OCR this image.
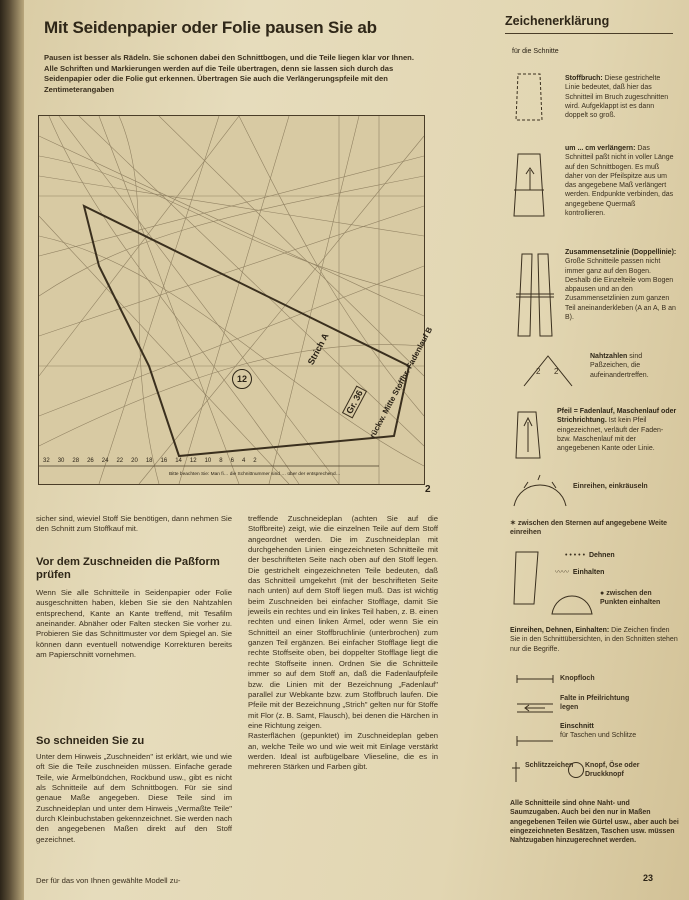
Mit Seidenpapier oder Folie pausen Sie ab
Pausen ist besser als Rädeln. Sie schonen dabei den Schnittbogen, und die Teile liegen klar vor Ihnen. Alle Schriften und Markierungen werden auf die Teile übertragen, denn sie lassen sich durch das Seidenpapier oder die Folie gut erkennen. Übertragen Sie auch die Verlängerungspfeile mit den Zentimeterangaben
Strich A
Gr. 36 rückw. Mitte Stoffbr. Fadenlauf B
12
32 30 28 26 24 22 20 18 16 14 12 10 8 6 4 2
Bitte beachten Sie: Man fi… die Schnittnummer sind … über der entsprechend…
2

sicher sind, wieviel Stoff Sie benötigen, dann nehmen Sie den Schnitt zum Stoffkauf mit.

Vor dem Zuschneiden die Paßform prüfen
Wenn Sie alle Schnitteile in Seidenpapier oder Folie ausgeschnitten haben, kleben Sie sie den Nahtzahlen entsprechend, Kante an Kante treffend, mit Tesafilm aneinander. Abnäher oder Falten stecken Sie vorher zu. Probieren Sie das Schnittmuster vor dem Spiegel an. Sie können dann eventuell notwendige Korrekturen bereits am Papierschnitt vornehmen.
So schneiden Sie zu
Unter dem Hinweis „Zuschneiden" ist erklärt, wie und wie oft Sie die Teile zuschneiden müssen. Einfache gerade Teile, wie Ärmelbündchen, Rockbund usw., gibt es nicht als Schnitteile auf dem Schnittbogen. Für sie sind genaue Maße angegeben. Diese Teile sind im Zuschneideplan und unter dem Hinweis „Vermaßte Teile" durch Kleinbuchstaben gekennzeichnet. Sie werden nach den angegebenen Maßen direkt auf den Stoff gezeichnet.
Der für das von Ihnen gewählte Modell zu-

treffende Zuschneideplan (achten Sie auf die Stoffbreite) zeigt, wie die einzelnen Teile auf dem Stoff angeordnet werden. Die im Zuschneideplan mit durchgehenden Linien eingezeichneten Schnitteile mit der beschrifteten Seite nach oben auf den Stoff legen. Die gestrichelt eingezeichneten Teile bedeuten, daß das Schnitteil umgekehrt (mit der beschrifteten Seite nach unten) auf dem Stoff liegen muß. Das ist wichtig beim Zuschneiden bei einfacher Stofflage, damit Sie jeweils ein rechtes und ein linkes Teil haben, z. B. einen rechten und einen linken Ärmel, oder wenn Sie ein Schnitteil an einer Stoffbruchlinie (unterbrochen) zum ganzen Teil ergänzen. Bei einfacher Stofflage liegt die rechte Stoffseite oben, bei doppelter Stofflage liegt die rechte Stoffseite innen. Ordnen Sie die Schnitteile immer so auf dem Stoff an, daß die Fadenlaufpfeile bzw. die Linien mit der Bezeichnung „Fadenlauf" parallel zur Webkante bzw. zum Stoffbruch laufen. Die Pfeile mit der Bezeichnung „Strich" gelten nur für Stoffe mit Flor (z. B. Samt, Flausch), bei denen die Härchen in eine Richtung zeigen.

Rasterflächen (gepunktet) im Zuschneideplan geben an, welche Teile wo und wie weit mit Einlage verstärkt werden. Ideal ist aufbügelbare Vlieseline, die es in mehreren Stärken und Farben gibt.

Zeichenerklärung
für die Schnitte
Stoffbruch: Diese gestrichelte Linie bedeutet, daß hier das Schnitteil im Bruch zugeschnitten wird. Aufgeklappt ist es dann doppelt so groß.
um ... cm verlängern: Das Schnitteil paßt nicht in voller Länge auf den Schnittbogen. Es muß daher von der Pfeilspitze aus um das angegebene Maß verlängert werden. Endpunkte verbinden, das angegebene Quermaß kontrollieren.
Zusammensetzlinie (Doppellinie): Große Schnitteile passen nicht immer ganz auf den Bogen. Deshalb die Einzelteile vom Bogen abpausen und an den Zusammensetzlinien zum ganzen Teil aneinanderkleben (A an A, B an B).
2 2
Nahtzahlen sind Paßzeichen, die aufeinandertreffen.
Pfeil = Fadenlauf, Maschenlauf oder Strichrichtung. Ist kein Pfeil eingezeichnet, verläuft der Faden- bzw. Maschenlauf mit der angegebenen Kante oder Linie.
Einreihen, einkräuseln
✶ zwischen den Sternen auf angegebene Weite einreihen
• • • • •  Dehnen
〰〰  Einhalten
● zwischen den Punkten einhalten
Einreihen, Dehnen, Einhalten: Die Zeichen finden Sie in den Schnittübersichten, in den Schnitten stehen nur die Begriffe.
Knopfloch
Falte in Pfeilrichtung legen
Einschnitt
für Taschen und Schlitze
Schlitzzeichen Knopf, Öse oder Druckknopf
Alle Schnitteile sind ohne Naht- und Saumzugaben. Auch bei den nur in Maßen angegebenen Teilen wie Gürtel usw., aber auch bei eingezeichneten Besätzen, Taschen usw. müssen Nahtzugaben hinzugerechnet werden.
23
